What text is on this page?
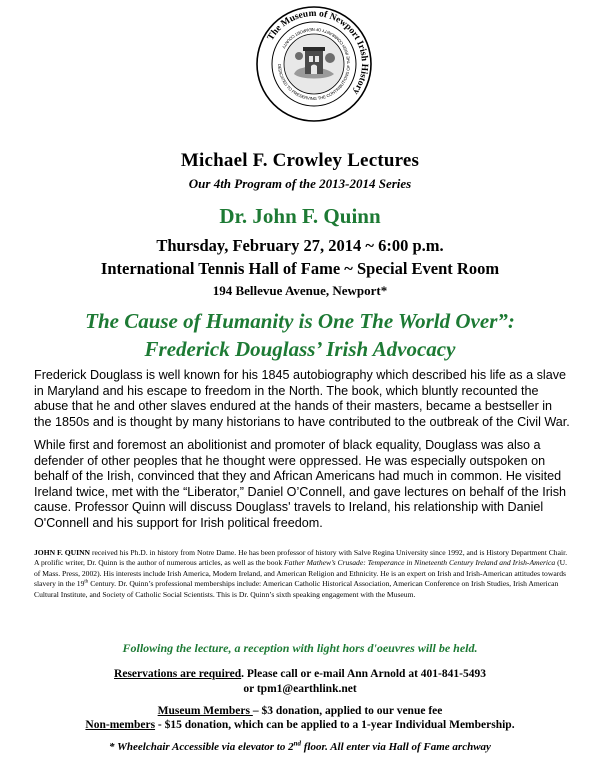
The Museum of Newport Irish History
DEDICATED TO PRESERVING THE CONTRIBUTIONS OF THE IRISH COMMUNITY OF NEWPORT COUNTY
Michael F. Crowley Lectures
Our 4th Program of the 2013-2014 Series
Dr. John F. Quinn
Thursday, February 27, 2014 ~ 6:00 p.m.
International Tennis Hall of Fame ~ Special Event Room
194 Bellevue Avenue, Newport*
The Cause of Humanity is One The World Over”:
Frederick Douglass’ Irish Advocacy
Frederick Douglass is well known for his 1845 autobiography which described his life as a slave in Maryland and his escape to freedom in the North. The book, which bluntly recounted the abuse that he and other slaves endured at the hands of their masters, became a bestseller in the 1850s and is thought by many historians to have contributed to the outbreak of the Civil War.
While first and foremost an abolitionist and promoter of black equality, Douglass was also a defender of other peoples that he thought were oppressed. He was especially outspoken on behalf of the Irish, convinced that they and African Americans had much in common. He visited Ireland twice, met with the “Liberator,” Daniel O’Connell, and gave lectures on behalf of the Irish cause. Professor Quinn will discuss Douglass' travels to Ireland, his relationship with Daniel O'Connell and his support for Irish political freedom.
JOHN F. QUINN received his Ph.D. in history from Notre Dame. He has been professor of history with Salve Regina University since 1992, and is History Department Chair. A prolific writer, Dr. Quinn is the author of numerous articles, as well as the book Father Mathew’s Crusade: Temperance in Nineteenth Century Ireland and Irish-America (U. of Mass. Press, 2002). His interests include Irish America, Modern Ireland, and American Religion and Ethnicity. He is an expert on Irish and Irish-American attitudes towards slavery in the 19th Century. Dr. Quinn’s professional memberships include: American Catholic Historical Association, American Conference on Irish Studies, Irish American Cultural Institute, and Society of Catholic Social Scientists. This is Dr. Quinn’s sixth speaking engagement with the Museum.
Following the lecture, a reception with light hors d'oeuvres will be held.
Reservations are required. Please call or e-mail Ann Arnold at 401-841-5493
or tpm1@earthlink.net
Museum Members – $3 donation, applied to our venue fee
Non-members - $15 donation, which can be applied to a 1-year Individual Membership.
* Wheelchair Accessible via elevator to 2nd floor. All enter via Hall of Fame archway
